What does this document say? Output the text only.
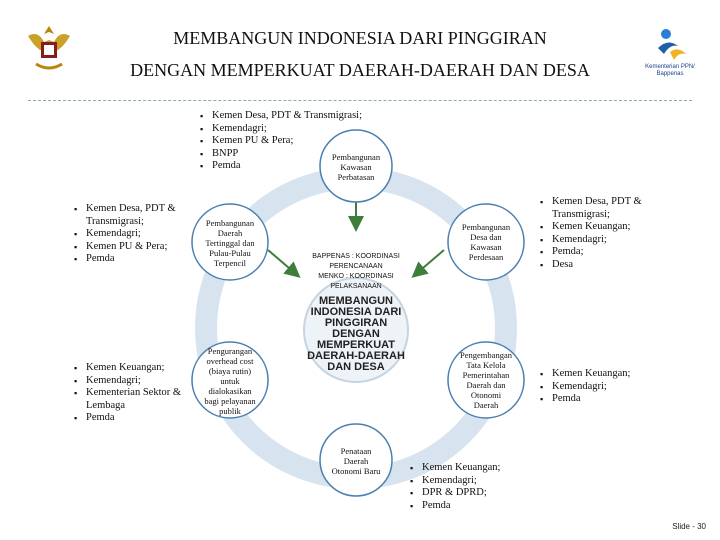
MEMBANGUN INDONESIA DARI PINGGIRAN
DENGAN MEMPERKUAT DAERAH-DAERAH DAN DESA	Kementerian PPN/ Bappenas
Pembangunan
Kawasan
Perbatasan
Pembangunan
Daerah
Tertinggal dan
Pulau-Pulau
Terpencil
Pembangunan
Desa dan
Kawasan
Perdesaan
Pengurangan
overhead cost
(biaya rutin)
untuk
dialokasikan
bagi pelayanan
publik
Pengembangan
Tata Kelola
Pemerintahan
Daerah dan
Otonomi
Daerah
Penataan
Daerah
Otonomi Baru
BAPPENAS : KOORDINASI
PERENCANAAN
MENKO : KOORDINASI
PELAKSANAAN
MEMBANGUN
INDONESIA DARI
PINGGIRAN
DENGAN
MEMPERKUAT
DAERAH-DAERAH
DAN DESA
▪ Kemen Desa, PDT & Transmigrasi;
▪ Kemendagri;
▪ Kemen PU & Pera;
▪ BNPP
▪ Pemda
▪ Kemen Desa, PDT & Transmigrasi;
▪ Kemendagri;
▪ Kemen PU & Pera;
▪ Pemda
▪ Kemen Keuangan;
▪ Kemendagri;
▪ Kementerian Sektor & Lembaga
▪ Pemda
▪ Kemen Desa, PDT & Transmigrasi;
▪ Kemen Keuangan;
▪ Kemendagri;
▪ Pemda;
▪ Desa
▪ Kemen Keuangan;
▪ Kemendagri;
▪ Pemda
▪ Kemen Keuangan;
▪ Kemendagri;
▪ DPR & DPRD;
▪ Pemda
Slide - 30
